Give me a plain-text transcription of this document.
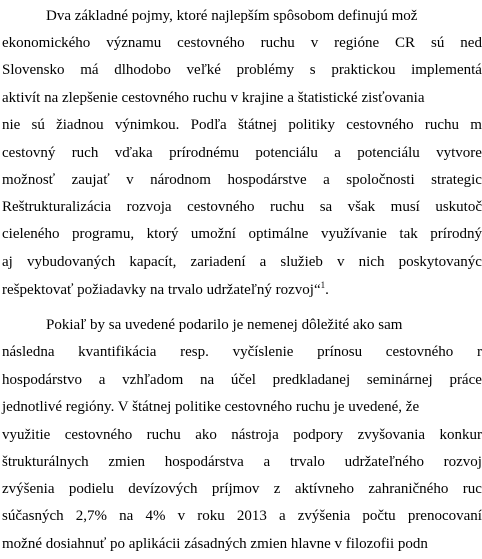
Dva základné pojmy, ktoré najlepším spôsobom definujú mož
ekonomického významu cestovného ruchu v regióne CR sú ned
Slovensko má dlhodobo veľké problémy s praktickou implementá
aktivít na zlepšenie cestovného ruchu v krajine a štatistické zisťovania
nie sú žiadnou výnimkou. Podľa štátnej politiky cestovného ruchu m
cestovný ruch vďaka prírodnému potenciálu a potenciálu vytvore
možnosť zaujať v národnom hospodárstve a spoločnosti strategic
Reštrukturalizácia rozvoja cestovného ruchu sa však musí uskutoč
cieleného programu, ktorý umožní optimálne využívanie tak prírodný
aj vybudovaných kapacít, zariadení a služieb v nich poskytovanýc
rešpektovať požiadavky na trvalo udržateľný rozvoj“$^1$.
Pokiaľ by sa uvedené podarilo je nemenej dôležité ako sam
následna kvantifikácia resp. vyčíslenie prínosu cestovného r
hospodárstvo a vzhľadom na účel predkladanej seminárnej práce
jednotlivé regióny. V štátnej politike cestovného ruchu je uvedené, že
využitie cestovného ruchu ako nástroja podpory zvyšovania konkur
štrukturálnych zmien hospodárstva a trvalo udržateľného rozvoj
zvýšenia podielu devízových príjmov z aktívneho zahraničného ruc
súčasných 2,7% na 4% v roku 2013 a zvýšenia počtu prenocovaní
možné dosiahnuť po aplikácii zásadných zmien hlavne v filozofii podn
